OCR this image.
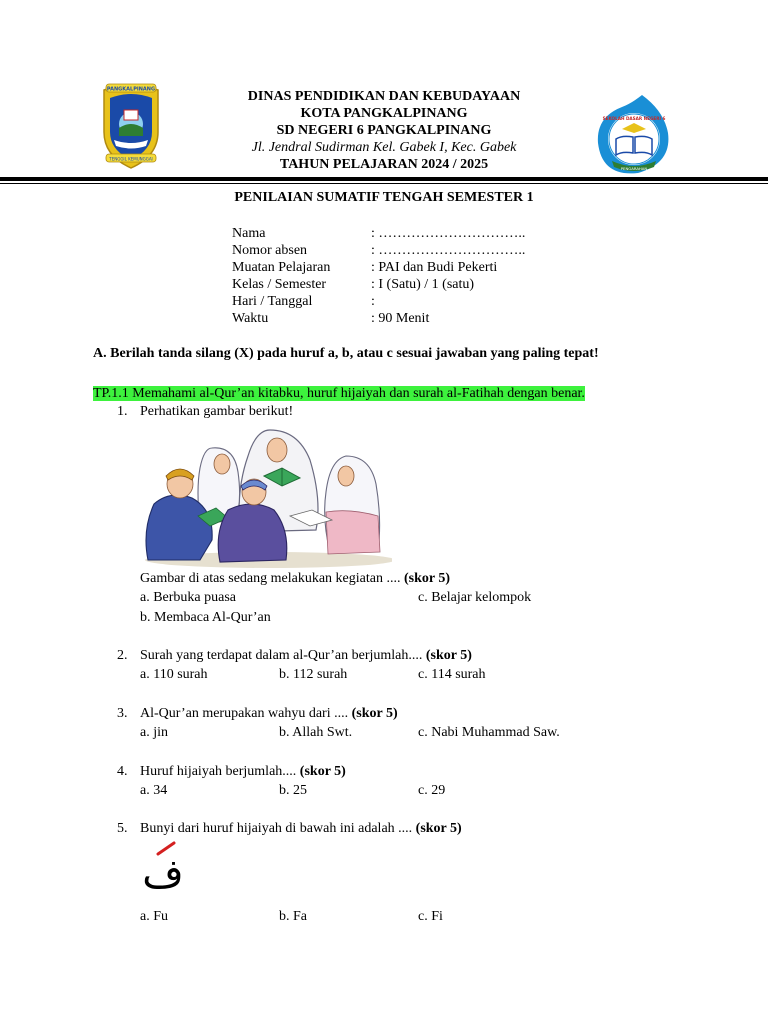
PANGKALPINANG
TENGGIL KEMUNGGAI
DINAS PENDIDIKAN DAN KEBUDAYAAN
KOTA PANGKALPINANG
SD NEGERI 6 PANGKALPINANG
Jl. Jendral Sudirman Kel. Gabek I, Kec. Gabek
TAHUN PELAJARAN 2024 / 2025
SEKOLAH DASAR NEGERI 6
PENGARAHAN
PENILAIAN SUMATIF TENGAH SEMESTER 1
Nama	: …………………………..
Nomor absen	: …………………………..
Muatan Pelajaran	: PAI dan Budi Pekerti
Kelas / Semester	: I (Satu) / 1 (satu)
Hari / Tanggal	:
Waktu	: 90 Menit
A. Berilah tanda silang (X) pada huruf a, b, atau c sesuai jawaban yang paling tepat!
TP.1.1 Memahami al-Qur’an kitabku, huruf hijaiyah dan surah al-Fatihah dengan benar.
1. Perhatikan gambar berikut!
Gambar di atas sedang melakukan kegiatan .... (skor 5)
a. Berbuka puasa	c. Belajar kelompok
b. Membaca Al-Qur’an
2. Surah yang terdapat dalam al-Qur’an berjumlah.... (skor 5)
a. 110 surah	b. 112 surah	c. 114 surah
3. Al-Qur’an merupakan wahyu dari .... (skor 5)
a. jin	b. Allah Swt.	c. Nabi Muhammad Saw.
4. Huruf hijaiyah berjumlah.... (skor 5)
a. 34	b. 25	c. 29
5. Bunyi dari huruf hijaiyah di bawah ini adalah .... (skor 5)
ف
a. Fu	b. Fa	c. Fi
